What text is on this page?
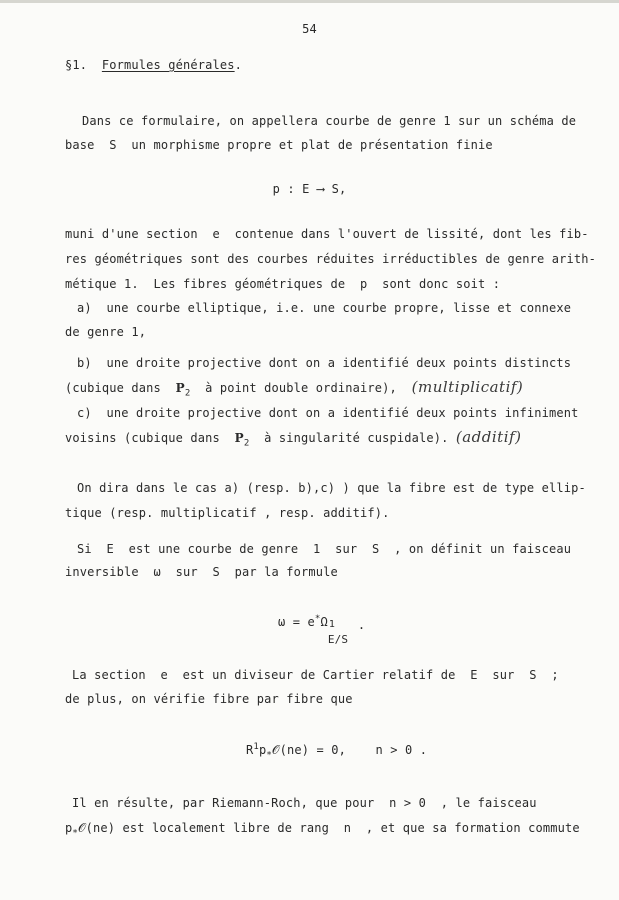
54
§1. Formules générales.
Dans ce formulaire, on appellera courbe de genre 1 sur un schéma de
base  S  un morphisme propre et plat de présentation finie
p : E ⟶ S,
muni d'une section  e  contenue dans l'ouvert de lissité, dont les fib-
res géométriques sont des courbes réduites irréductibles de genre arith-
métique 1.  Les fibres géométriques de  p  sont donc soit :
a)  une courbe elliptique, i.e. une courbe propre, lisse et connexe
de genre 1,
b)  une droite projective dont on a identifié deux points distincts
(cubique dans  $P_2$  à point double ordinaire), (multiplicatif)
c)  une droite projective dont on a identifié deux points infiniment
voisins (cubique dans  $P_2$  à singularité cuspidale). (additif)
On dira dans le cas a) (resp. b),c) ) que la fibre est de type ellip-
tique (resp. multiplicatif , resp. additif).
Si  E  est une courbe de genre  1  sur  S  , on définit un faisceau
inversible  ω  sur  S  par la formule
ω = e*Ω 1
E/S
.
La section  e  est un diviseur de Cartier relatif de  E  sur  S  ;
de plus, on vérifie fibre par fibre que
$R^1p_*𝒪(ne) = 0$,    n > 0 .
Il en résulte, par Riemann-Roch, que pour  n > 0  , le faisceau
$p_*𝒪(ne)$ est localement libre de rang  n  , et que sa formation commute
